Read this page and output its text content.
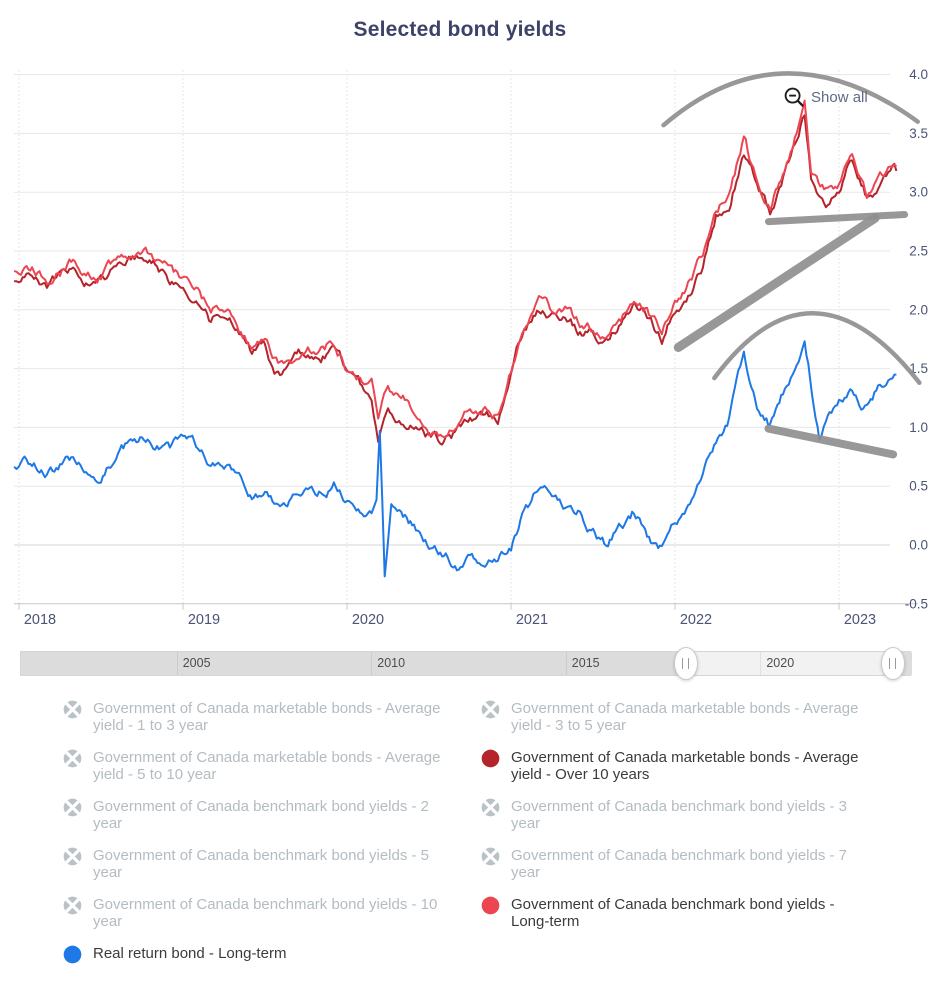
Selected bond yields
2018	2019	2020	2021	2022	2023
-0.5
0.0
0.5
1.0
1.5
2.0
2.5
3.0
3.5
4.0
Show all
2005	2010	2015	2020
Government of Canada marketable bonds - Average yield - 1 to 3 year
Government of Canada marketable bonds - Average yield - 3 to 5 year
Government of Canada marketable bonds - Average yield - 5 to 10 year
Government of Canada marketable bonds - Average yield - Over 10 years
Government of Canada benchmark bond yields - 2 year
Government of Canada benchmark bond yields - 3 year
Government of Canada benchmark bond yields - 5 year
Government of Canada benchmark bond yields - 7 year
Government of Canada benchmark bond yields - 10 year
Government of Canada benchmark bond yields - Long-term
Real return bond - Long-term
